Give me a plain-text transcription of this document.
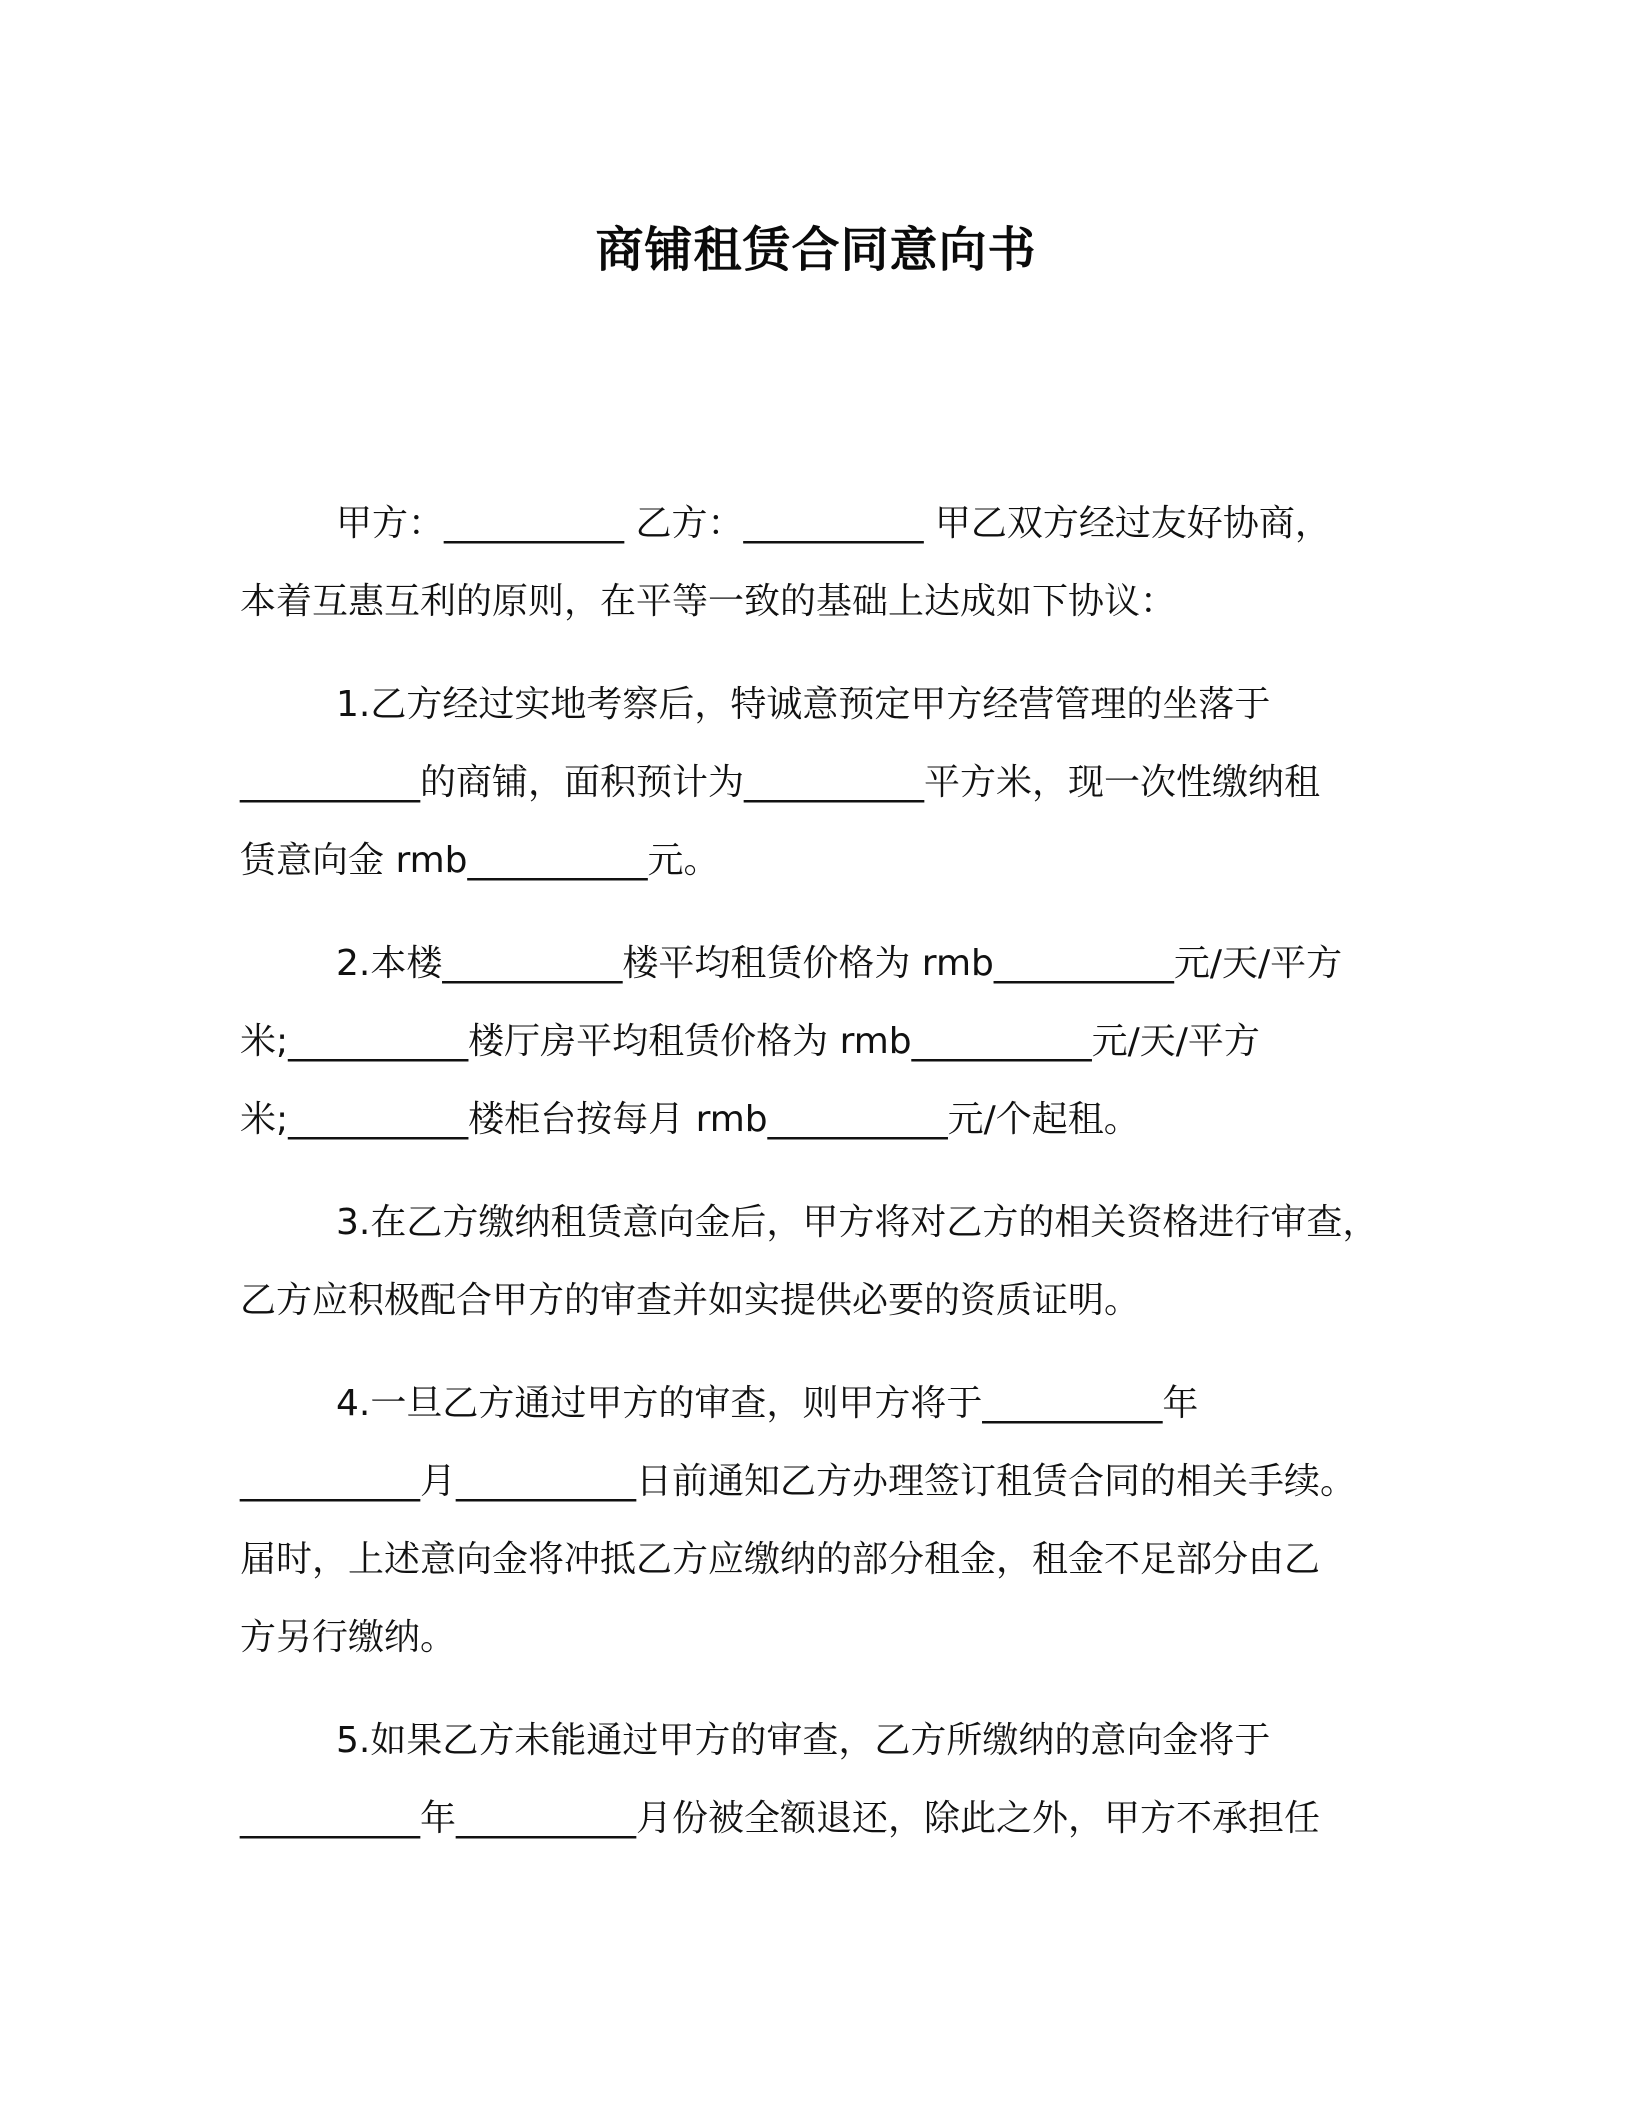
商铺租赁合同意向书

甲方：__________ 乙方：__________ 甲乙双方经过友好协商，
本着互惠互利的原则，在平等一致的基础上达成如下协议：

1.乙方经过实地考察后，特诚意预定甲方经营管理的坐落于
__________的商铺，面积预计为__________平方米，现一次性缴纳租
赁意向金 rmb__________元。

2.本楼__________楼平均租赁价格为 rmb__________元/天/平方
米;__________楼厅房平均租赁价格为 rmb__________元/天/平方
米;__________楼柜台按每月 rmb__________元/个起租。

3.在乙方缴纳租赁意向金后，甲方将对乙方的相关资格进行审查，
乙方应积极配合甲方的审查并如实提供必要的资质证明。

4.一旦乙方通过甲方的审查，则甲方将于__________年
__________月__________日前通知乙方办理签订租赁合同的相关手续。
届时，上述意向金将冲抵乙方应缴纳的部分租金，租金不足部分由乙
方另行缴纳。

5.如果乙方未能通过甲方的审查，乙方所缴纳的意向金将于
__________年__________月份被全额退还，除此之外，甲方不承担任
